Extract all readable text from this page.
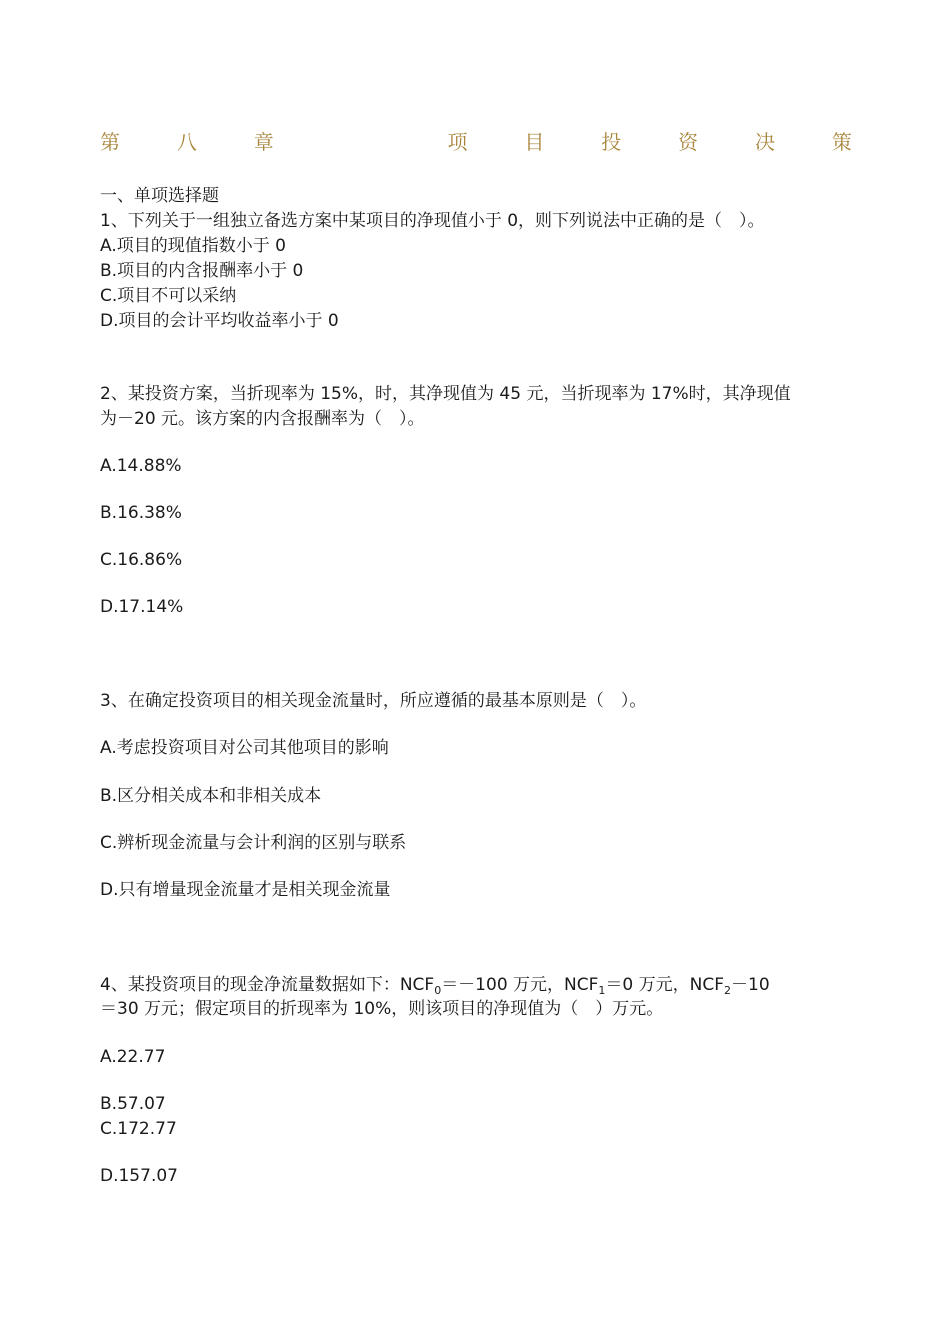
第	八	章	项	目	投	资	决	策
一、单项选择题
1、下列关于一组独立备选方案中某项目的净现值小于 0，则下列说法中正确的是（　）。
A.项目的现值指数小于 0
B.项目的内含报酬率小于 0
C.项目不可以采纳
D.项目的会计平均收益率小于 0
2、某投资方案，当折现率为 15%，时，其净现值为 45 元，当折现率为 17%时，其净现值
为－20 元。该方案的内含报酬率为（　）。
A.14.88%
B.16.38%
C.16.86%
D.17.14%
3、在确定投资项目的相关现金流量时，所应遵循的最基本原则是（　）。
A.考虑投资项目对公司其他项目的影响
B.区分相关成本和非相关成本
C.辨析现金流量与会计利润的区别与联系
D.只有增量现金流量才是相关现金流量
4、某投资项目的现金净流量数据如下：$NCF_0=-100$ 万元，$NCF_1=0$ 万元，$NCF_2-10$
＝30 万元；假定项目的折现率为 10%，则该项目的净现值为（　）万元。
A.22.77
B.57.07
C.172.77
D.157.07
